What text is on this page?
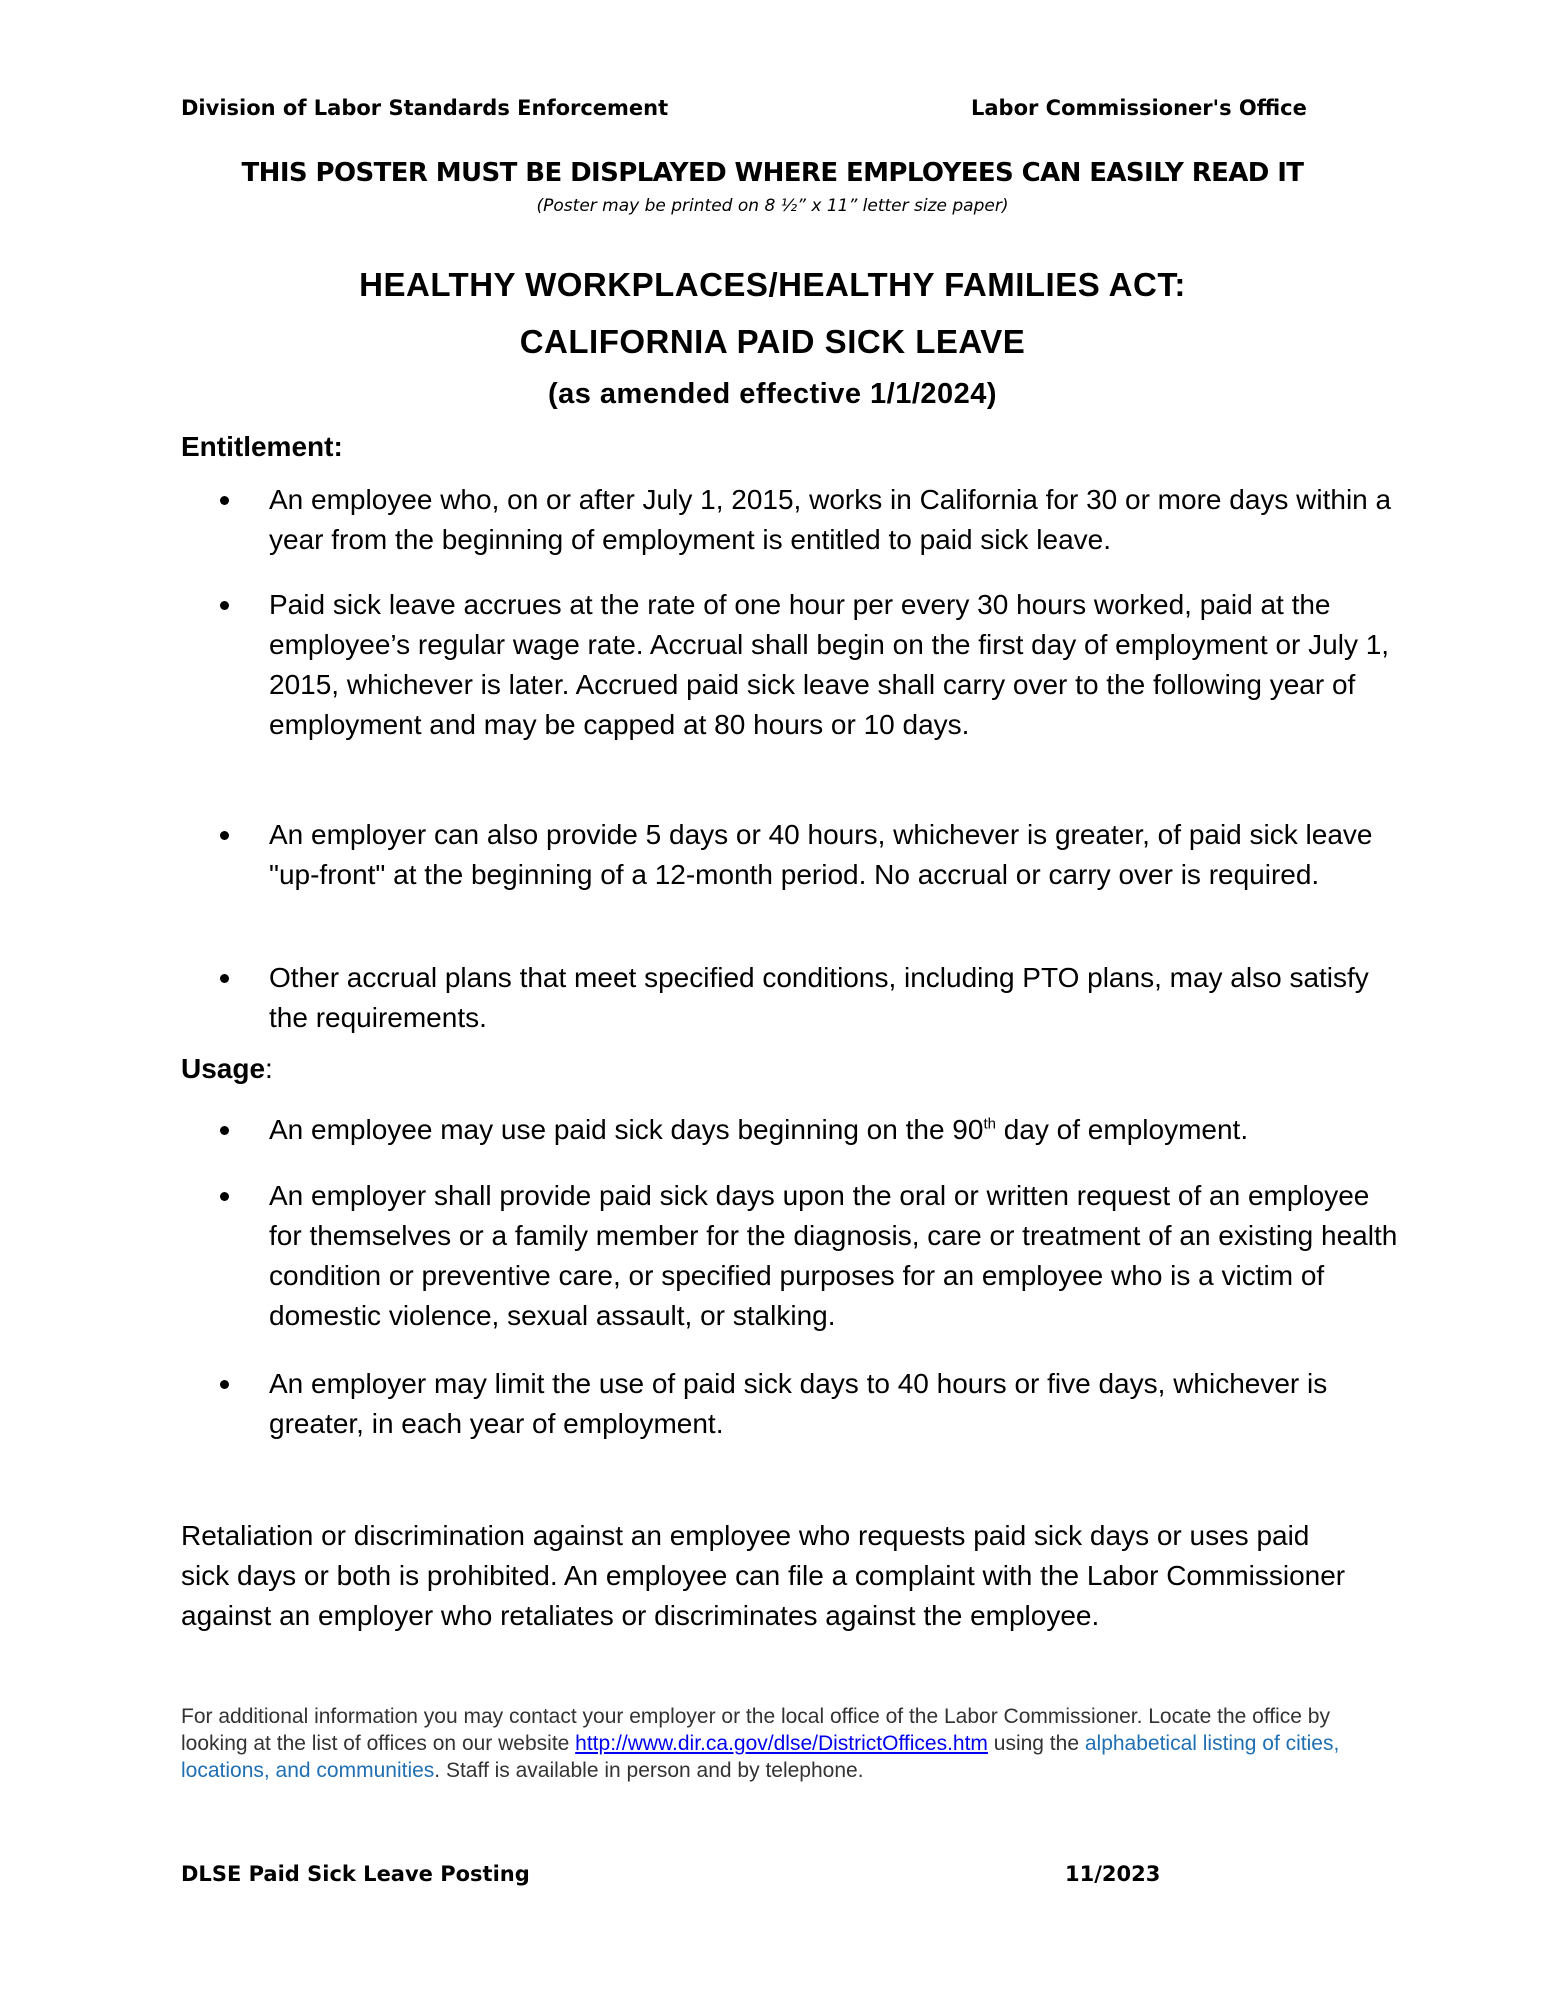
Division of Labor Standards Enforcement	Labor Commissioner's Office
THIS POSTER MUST BE DISPLAYED WHERE EMPLOYEES CAN EASILY READ IT
(Poster may be printed on 8 ½” x 11” letter size paper)
HEALTHY WORKPLACES/HEALTHY FAMILIES ACT:
CALIFORNIA PAID SICK LEAVE
(as amended effective 1/1/2024)
Entitlement:
An employee who, on or after July 1, 2015, works in California for 30 or more days within a year from the beginning of employment is entitled to paid sick leave.
Paid sick leave accrues at the rate of one hour per every 30 hours worked, paid at the employee’s regular wage rate. Accrual shall begin on the first day of employment or July 1, 2015, whichever is later. Accrued paid sick leave shall carry over to the following year of employment and may be capped at 80 hours or 10 days.
An employer can also provide 5 days or 40 hours, whichever is greater, of paid sick leave "up-front" at the beginning of a 12-month period. No accrual or carry over is required.
Other accrual plans that meet specified conditions, including PTO plans, may also satisfy the requirements.
Usage:
An employee may use paid sick days beginning on the 90th day of employment.
An employer shall provide paid sick days upon the oral or written request of an employee for themselves or a family member for the diagnosis, care or treatment of an existing health condition or preventive care, or specified purposes for an employee who is a victim of domestic violence, sexual assault, or stalking.
An employer may limit the use of paid sick days to 40 hours or five days, whichever is greater, in each year of employment.
Retaliation or discrimination against an employee who requests paid sick days or uses paid sick days or both is prohibited. An employee can file a complaint with the Labor Commissioner against an employer who retaliates or discriminates against the employee.
For additional information you may contact your employer or the local office of the Labor Commissioner. Locate the office by looking at the list of offices on our website http://www.dir.ca.gov/dlse/DistrictOffices.htm using the alphabetical listing of cities, locations, and communities. Staff is available in person and by telephone.
DLSE Paid Sick Leave Posting	11/2023
